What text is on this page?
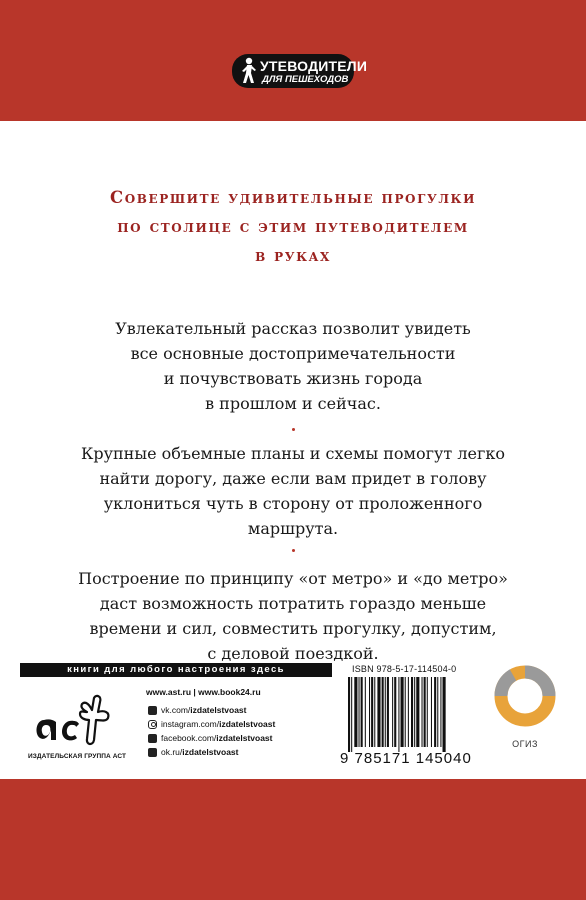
УТЕВОДИТЕЛИ
ДЛЯ ПЕШЕХОДОВ
Совершите удивительные прогулки
по столице с этим путеводителем
в руках
Увлекательный рассказ позволит увидеть
все основные достопримечательности
и почувствовать жизнь города
в прошлом и сейчас.
Крупные объемные планы и схемы помогут легко
найти дорогу, даже если вам придет в голову
уклониться чуть в сторону от проложенного
маршрута.
Построение по принципу «от метро» и «до метро»
даст возможность потратить гораздо меньше
времени и сил, совместить прогулку, допустим,
с деловой поездкой.
книги для любого настроения здесь
ИЗДАТЕЛЬСКАЯ ГРУППА АСТ
www.ast.ru | www.book24.ru
vk.com/ izdatelstvoast
instagram.com/ izdatelstvoast
facebook.com/ izdatelstvoast
ok.ru/ izdatelstvoast
ISBN 978-5-17-114504-0
9 785171 145040
ОГИЗ
